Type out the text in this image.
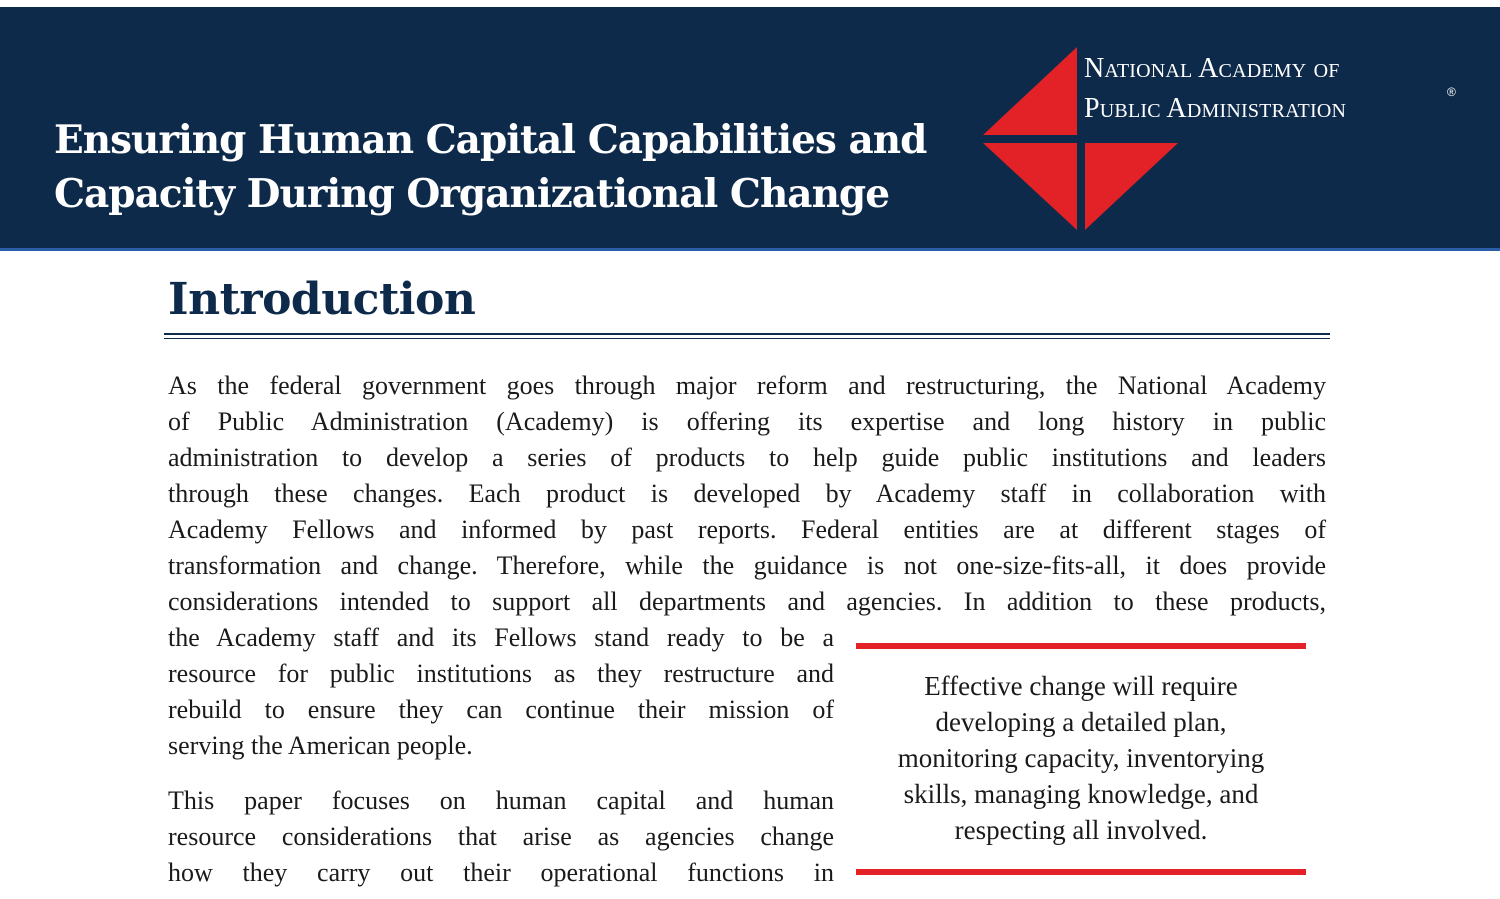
Ensuring Human Capital Capabilities and
Capacity During Organizational Change
National Academy of
Public Administration
®
Introduction
As the federal government goes through major reform and restructuring, the National Academy
of Public Administration (Academy) is offering its expertise and long history in public
administration to develop a series of products to help guide public institutions and leaders
through these changes. Each product is developed by Academy staff in collaboration with
Academy Fellows and informed by past reports. Federal entities are at different stages of
transformation and change. Therefore, while the guidance is not one-size-fits-all, it does provide
considerations intended to support all departments and agencies. In addition to these products,
the Academy staff and its Fellows stand ready to be a
resource for public institutions as they restructure and
rebuild to ensure they can continue their mission of
serving the American people.
This paper focuses on human capital and human
resource considerations that arise as agencies change
how they carry out their operational functions in
Effective change will require
developing a detailed plan,
monitoring capacity, inventorying
skills, managing knowledge, and
respecting all involved.
